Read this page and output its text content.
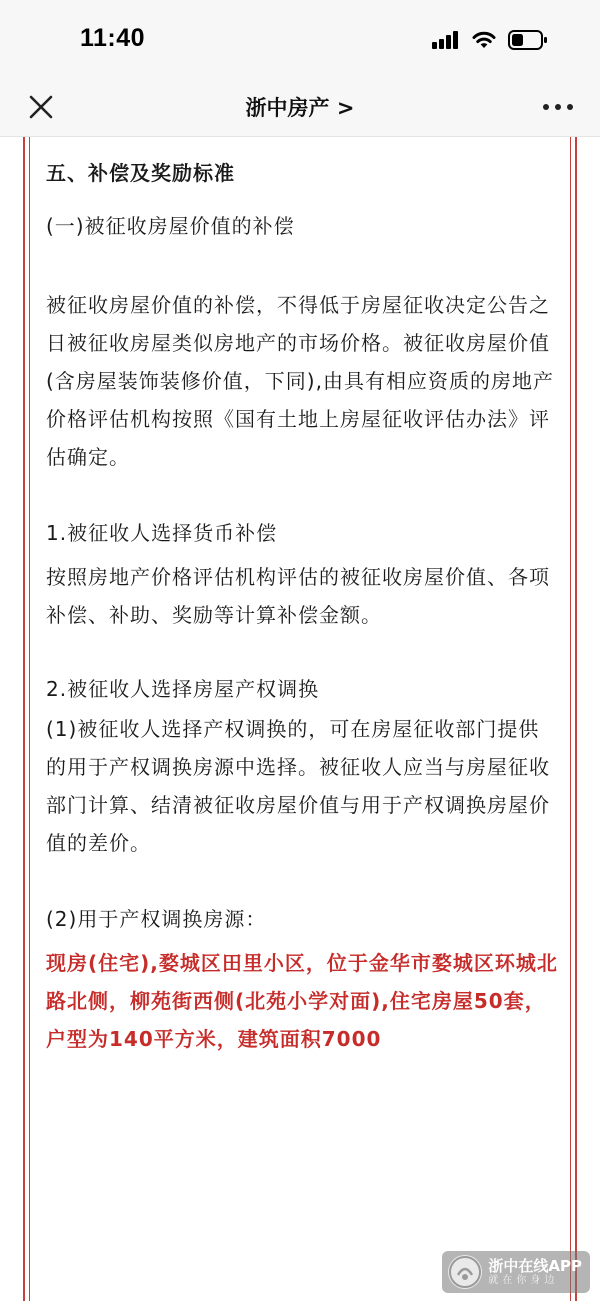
11:40
浙中房产 >

五、补偿及奖励标准

(一)被征收房屋价值的补偿

被征收房屋价值的补偿，不得低于房屋征收决定公告之日被征收房屋类似房地产的市场价格。被征收房屋价值(含房屋装饰装修价值，下同),由具有相应资质的房地产价格评估机构按照《国有土地上房屋征收评估办法》评估确定。

1.被征收人选择货币补偿

按照房地产价格评估机构评估的被征收房屋价值、各项补偿、补助、奖励等计算补偿金额。

2.被征收人选择房屋产权调换

(1)被征收人选择产权调换的，可在房屋征收部门提供的用于产权调换房源中选择。被征收人应当与房屋征收部门计算、结清被征收房屋价值与用于产权调换房屋价值的差价。

(2)用于产权调换房源：

现房(住宅),婺城区田里小区，位于金华市婺城区环城北路北侧，柳苑街西侧(北苑小学对面),住宅房屋50套，户型为140平方米，建筑面积7000

浙中在线APP
就在你身边
